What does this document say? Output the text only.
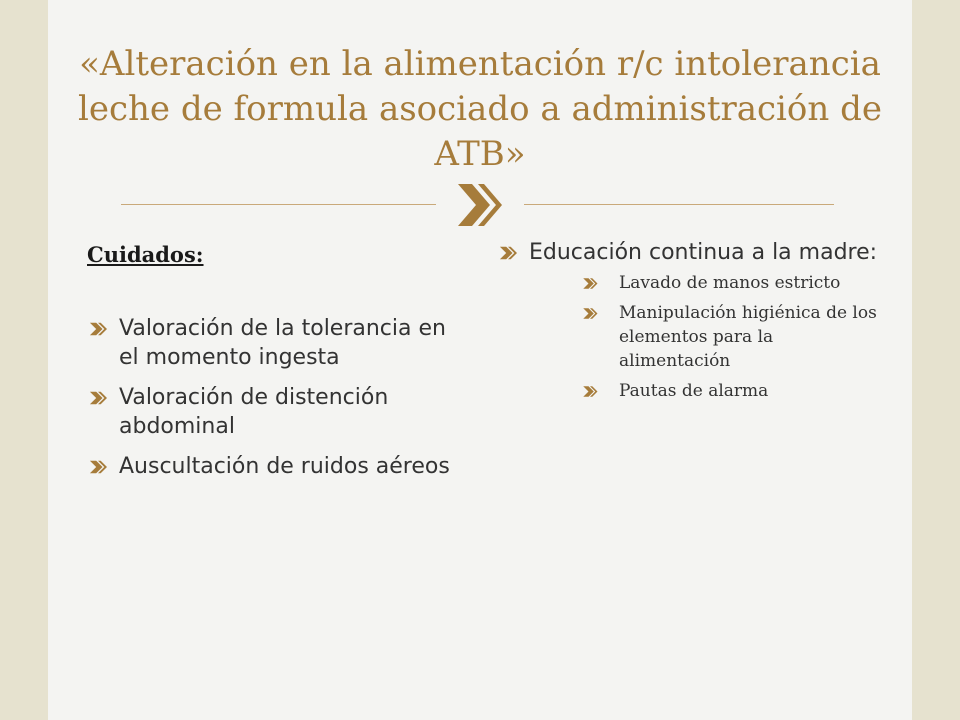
«Alteración en la alimentación r/c intolerancia leche de formula asociado a administración de ATB»

Cuidados:

Valoración de la tolerancia en el momento ingesta
Valoración de distención abdominal
Auscultación de ruidos aéreos
Educación continua a la madre:
Lavado de manos estricto
Manipulación higiénica de los elementos para la alimentación
Pautas de alarma
